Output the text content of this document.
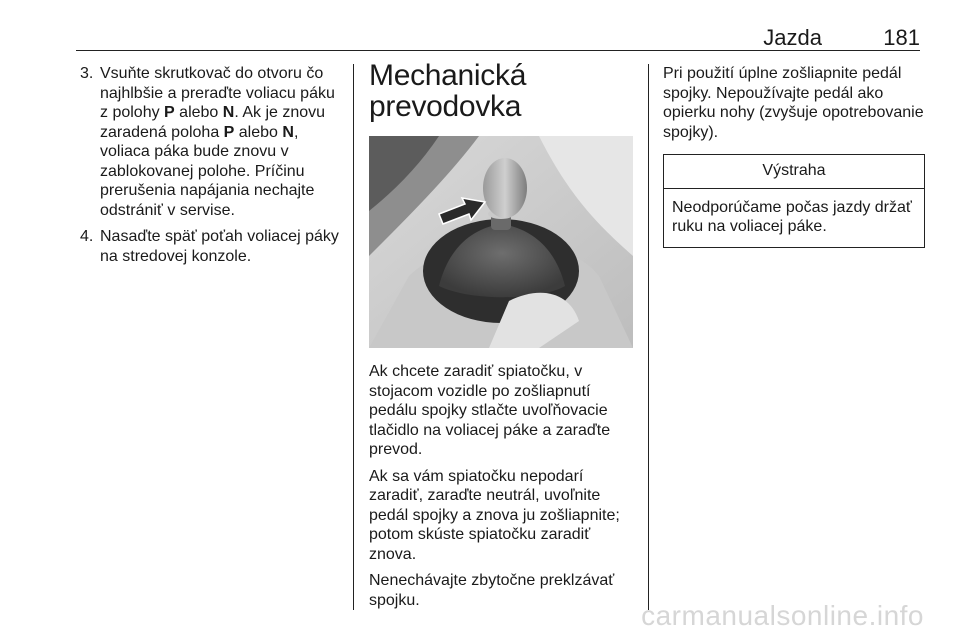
Jazda	181
3. Vsuňte skrutkovač do otvoru čo najhlbšie a preraďte voliacu páku z polohy P alebo N. Ak je znovu zaradená poloha P alebo N, voliaca páka bude znovu v zablokovanej polohe. Príčinu prerušenia napájania nechajte odstrániť v servise.
4. Nasaďte späť poťah voliacej páky na stredovej konzole.
Mechanická prevodovka

Ak chcete zaradiť spiatočku, v stojacom vozidle po zošliapnutí pedálu spojky stlačte uvoľňovacie tlačidlo na voliacej páke a zaraďte prevod.

Ak sa vám spiatočku nepodarí zaradiť, zaraďte neutrál, uvoľnite pedál spojky a znova ju zošliapnite; potom skúste spiatočku zaradiť znova.

Nenechávajte zbytočne preklzávať spojku.

Pri použití úplne zošliapnite pedál spojky. Nepoužívajte pedál ako opierku nohy (zvyšuje opotrebovanie spojky).

Výstraha
Neodporúčame počas jazdy držať ruku na voliacej páke.
carmanualsonline.info
